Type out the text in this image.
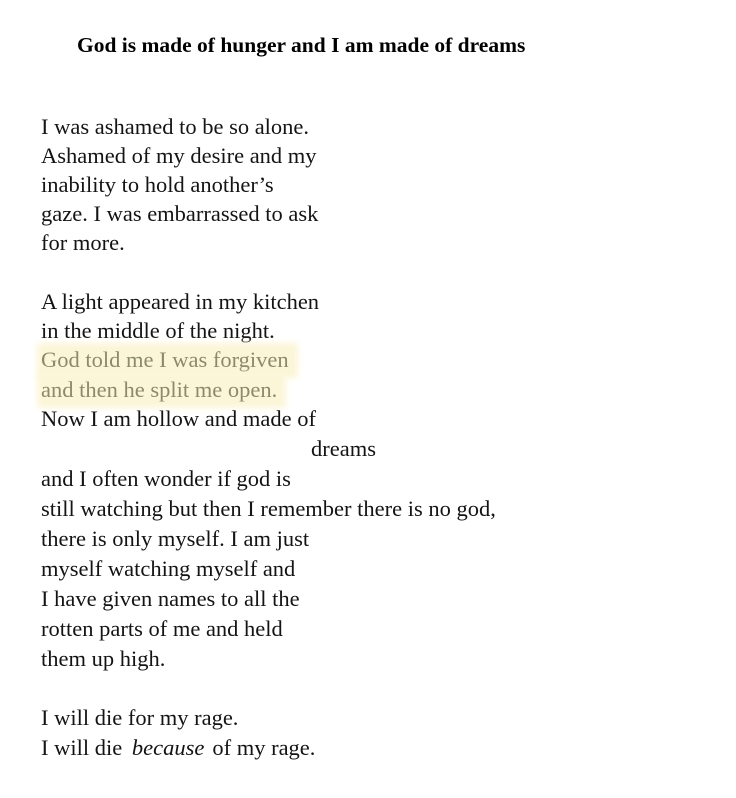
God is made of hunger and I am made of dreams
I was ashamed to be so alone.
Ashamed of my desire and my
inability to hold another’s
gaze. I was embarrassed to ask
for more.
A light appeared in my kitchen
in the middle of the night.
God told me I was forgiven
and then he split me open.
Now I am hollow and made of
dreams
and I often wonder if god is
still watching but then I remember there is no god,
there is only myself. I am just
myself watching myself and
I have given names to all the
rotten parts of me and held
them up high.
I will die for my rage.
I will die because of my rage.
